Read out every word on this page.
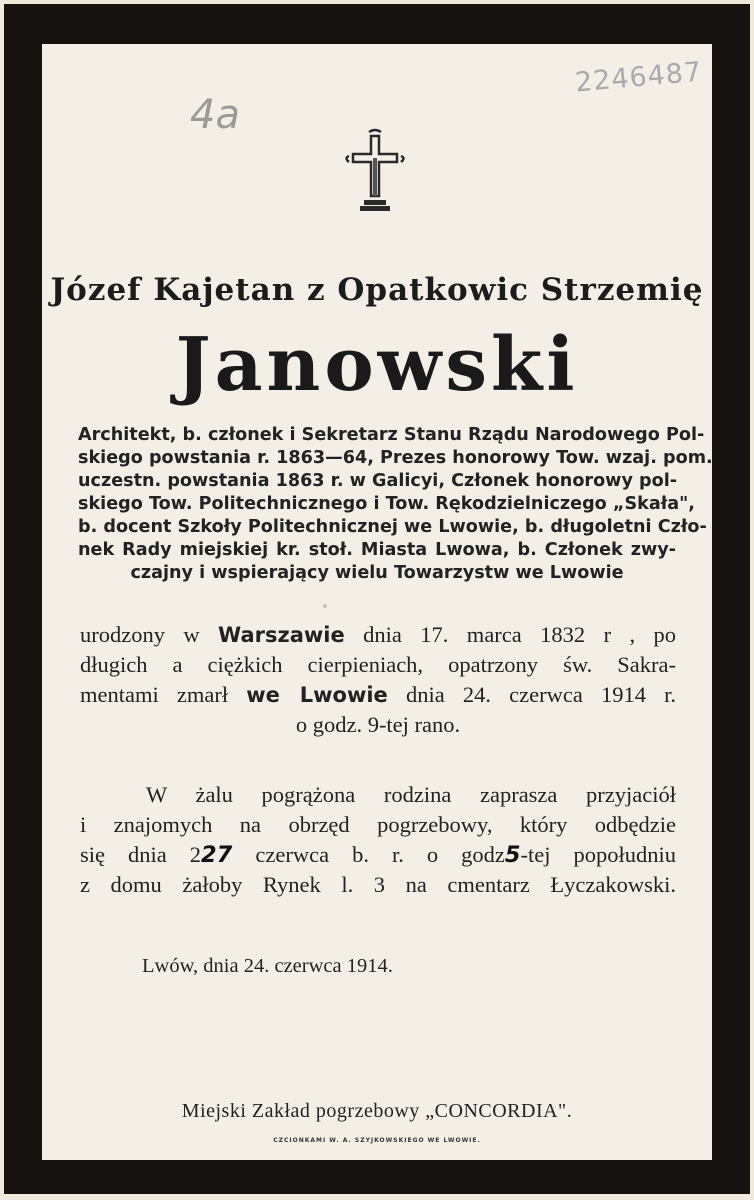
2246487
4a
Józef Kajetan z Opatkowic Strzemię
Janowski
Architekt, b. członek i Sekretarz Stanu Rządu Narodowego Pol-
skiego powstania r. 1863—64, Prezes honorowy Tow. wzaj. pom.
uczestn. powstania 1863 r. w Galicyi, Członek honorowy pol-
skiego Tow. Politechnicznego i Tow. Rękodzielniczego „Skała",
b. docent Szkoły Politechnicznej we Lwowie, b. długoletni Czło-
nek Rady miejskiej kr. stoł. Miasta Lwowa, b. Członek zwy-
czajny i wspierający wielu Towarzystw we Lwowie
urodzony w Warszawie dnia 17. marca 1832 r , po
długich a ciężkich cierpieniach, opatrzony św. Sakra-
mentami zmarł we Lwowie dnia 24. czerwca 1914 r.
o godz. 9-tej rano.
W żalu pogrążona rodzina zaprasza przyjaciół
i znajomych na obrzęd pogrzebowy, który odbędzie
się dnia 227 czerwca b. r. o godz5-tej popołudniu
z domu żałoby Rynek l. 3 na cmentarz Łyczakowski.
Lwów, dnia 24. czerwca 1914.
Miejski Zakład pogrzebowy „CONCORDIA".
CZCIONKAMI W. A. SZYJKOWSKIEGO WE LWOWIE.
